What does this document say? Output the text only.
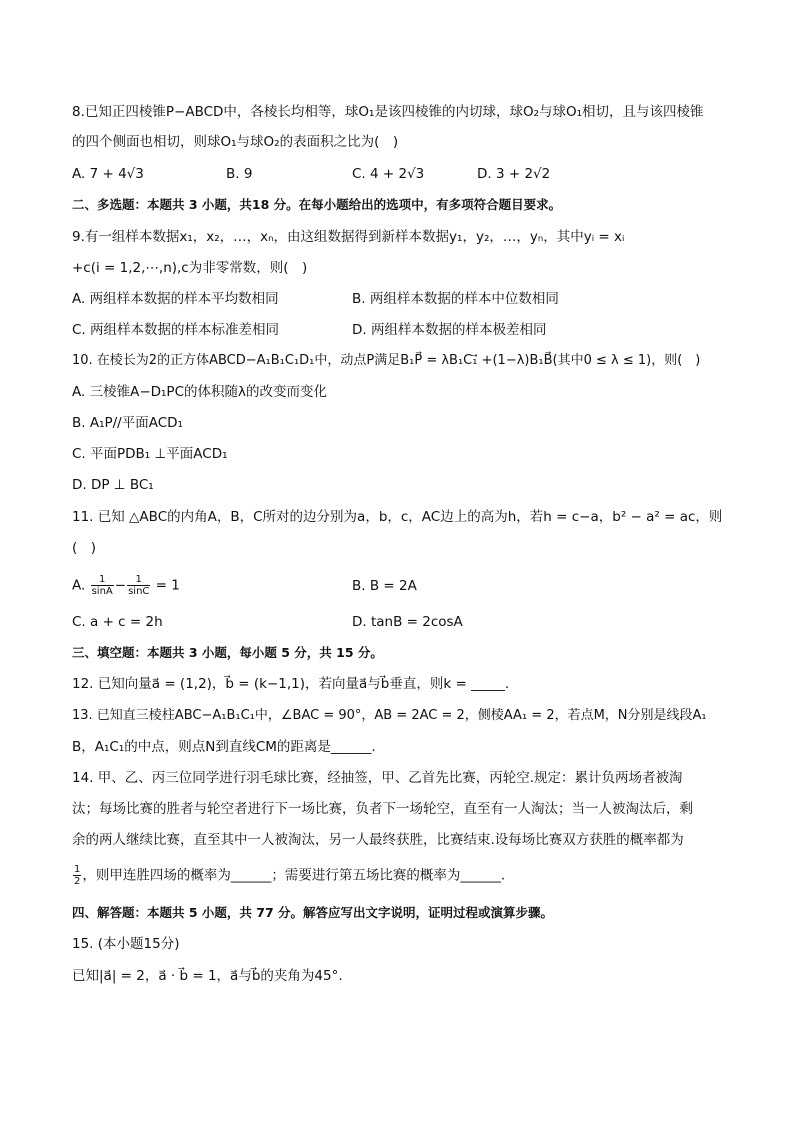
8.已知正四棱锥P−ABCD中，各棱长均相等，球O₁是该四棱锥的内切球，球O₂与球O₁相切，且与该四棱锥
的四个侧面也相切，则球O₁与球O₂的表面积之比为(　)
A. 7 + 4√3	B. 9	C. 4 + 2√3	D. 3 + 2√2
二、多选题：本题共 3 小题，共18 分。在每小题给出的选项中，有多项符合题目要求。
9.有一组样本数据x₁，x₂，…，xₙ，由这组数据得到新样本数据y₁，y₂，…，yₙ，其中yᵢ = xᵢ
+c(i = 1,2,⋯,n),c为非零常数，则(　)
A. 两组样本数据的样本平均数相同	B. 两组样本数据的样本中位数相同
C. 两组样本数据的样本标准差相同	D. 两组样本数据的样本极差相同
10. 在棱长为2的正方体ABCD−A₁B₁C₁D₁中，动点P满足B₁P⃗ = λB₁C₁⃗ +(1−λ)B₁B⃗(其中0 ≤ λ ≤ 1)，则(　)
A. 三棱锥A−D₁PC的体积随λ的改变而变化
B. A₁P//平面ACD₁
C. 平面PDB₁ ⊥平面ACD₁
D. DP ⊥ BC₁
11. 已知 △ABC的内角A，B，C所对的边分别为a，b，c，AC边上的高为h，若h = c−a，b² − a² = ac，则
(　)
A. $\frac{1}{\sin A} - \frac{1}{\sin C} = 1$	B. B = 2A
C. a + c = 2h	D. tanB = 2cosA
三、填空题：本题共 3 小题，每小题 5 分，共 15 分。
12. 已知向量a⃗ = (1,2)，b⃗ = (k−1,1)，若向量a⃗与b⃗垂直，则k = _____.
13. 已知直三棱柱ABC−A₁B₁C₁中，∠BAC = 90°，AB = 2AC = 2，侧棱AA₁ = 2，若点M，N分别是线段A₁
B，A₁C₁的中点，则点N到直线CM的距离是______.
14. 甲、乙、丙三位同学进行羽毛球比赛，经抽签，甲、乙首先比赛，丙轮空.规定：累计负两场者被淘
汰；每场比赛的胜者与轮空者进行下一场比赛，负者下一场轮空，直至有一人淘汰；当一人被淘汰后，剩
余的两人继续比赛，直至其中一人被淘汰，另一人最终获胜，比赛结束.设每场比赛双方获胜的概率都为
$\frac{1}{2}$ ，则甲连胜四场的概率为______；需要进行第五场比赛的概率为______.
四、解答题：本题共 5 小题，共 77 分。解答应写出文字说明，证明过程或演算步骤。
15. (本小题15分)
已知|a⃗| = 2，a⃗ · b⃗ = 1，a⃗与b⃗的夹角为45°.
